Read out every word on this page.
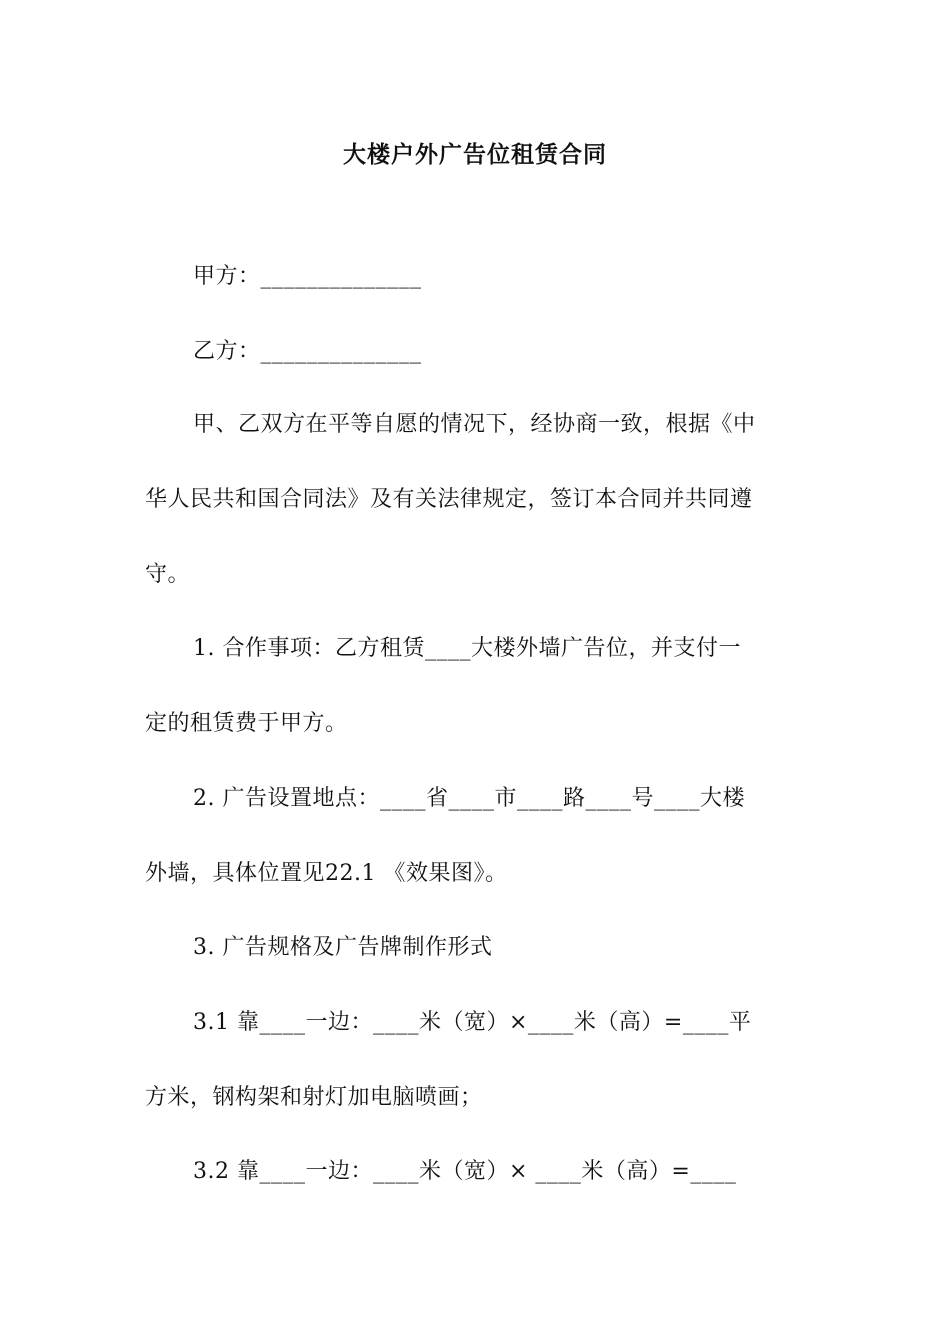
大楼户外广告位租赁合同
甲方：______________
乙方：______________
甲、乙双方在平等自愿的情况下，经协商一致，根据《中
华人民共和国合同法》及有关法律规定，签订本合同并共同遵
守。
1. 合作事项：乙方租赁____大楼外墙广告位，并支付一
定的租赁费于甲方。
2. 广告设置地点：____省____市____路____号____大楼
外墙，具体位置见22.1 《效果图》。
3. 广告规格及广告牌制作形式
3.1 靠____一边：____米（宽）×____米（高）=____平
方米，钢构架和射灯加电脑喷画；
3.2 靠____一边：____米（宽）× ____米（高）=____
